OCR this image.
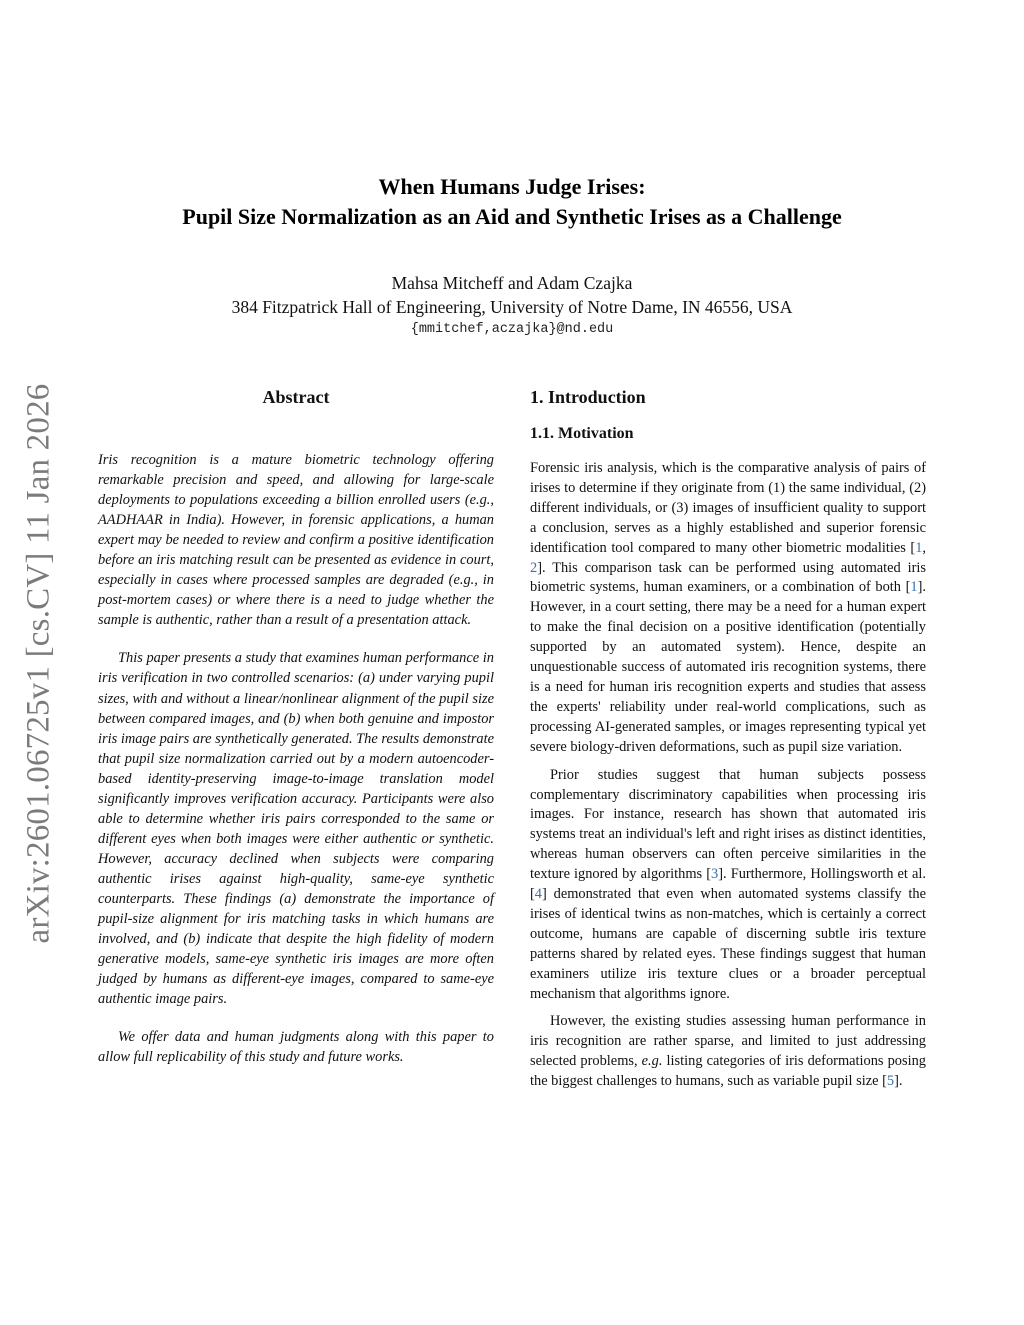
arXiv:2601.06725v1 [cs.CV] 11 Jan 2026
When Humans Judge Irises:
Pupil Size Normalization as an Aid and Synthetic Irises as a Challenge
Mahsa Mitcheff and Adam Czajka
384 Fitzpatrick Hall of Engineering, University of Notre Dame, IN 46556, USA
{mmitchef,aczajka}@nd.edu
Abstract

Iris recognition is a mature biometric technology offering remarkable precision and speed, and allowing for large-scale deployments to populations exceeding a billion enrolled users (e.g., AADHAAR in India). However, in forensic applications, a human expert may be needed to review and confirm a positive identification before an iris matching result can be presented as evidence in court, especially in cases where processed samples are degraded (e.g., in post-mortem cases) or where there is a need to judge whether the sample is authentic, rather than a result of a presentation attack.

This paper presents a study that examines human performance in iris verification in two controlled scenarios: (a) under varying pupil sizes, with and without a linear/nonlinear alignment of the pupil size between compared images, and (b) when both genuine and impostor iris image pairs are synthetically generated. The results demonstrate that pupil size normalization carried out by a modern autoencoder-based identity-preserving image-to-image translation model significantly improves verification accuracy. Participants were also able to determine whether iris pairs corresponded to the same or different eyes when both images were either authentic or synthetic. However, accuracy declined when subjects were comparing authentic irises against high-quality, same-eye synthetic counterparts. These findings (a) demonstrate the importance of pupil-size alignment for iris matching tasks in which humans are involved, and (b) indicate that despite the high fidelity of modern generative models, same-eye synthetic iris images are more often judged by humans as different-eye images, compared to same-eye authentic image pairs.

We offer data and human judgments along with this paper to allow full replicability of this study and future works.

1. Introduction
1.1. Motivation

Forensic iris analysis, which is the comparative analysis of pairs of irises to determine if they originate from (1) the same individual, (2) different individuals, or (3) images of insufficient quality to support a conclusion, serves as a highly established and superior forensic identification tool compared to many other biometric modalities [1, 2]. This comparison task can be performed using automated iris biometric systems, human examiners, or a combination of both [1]. However, in a court setting, there may be a need for a human expert to make the final decision on a positive identification (potentially supported by an automated system). Hence, despite an unquestionable success of automated iris recognition systems, there is a need for human iris recognition experts and studies that assess the experts' reliability under real-world complications, such as processing AI-generated samples, or images representing typical yet severe biology-driven deformations, such as pupil size variation.

Prior studies suggest that human subjects possess complementary discriminatory capabilities when processing iris images. For instance, research has shown that automated iris systems treat an individual's left and right irises as distinct identities, whereas human observers can often perceive similarities in the texture ignored by algorithms [3]. Furthermore, Hollingsworth et al. [4] demonstrated that even when automated systems classify the irises of identical twins as non-matches, which is certainly a correct outcome, humans are capable of discerning subtle iris texture patterns shared by related eyes. These findings suggest that human examiners utilize iris texture clues or a broader perceptual mechanism that algorithms ignore.

However, the existing studies assessing human performance in iris recognition are rather sparse, and limited to just addressing selected problems, e.g. listing categories of iris deformations posing the biggest challenges to humans, such as variable pupil size [5].
